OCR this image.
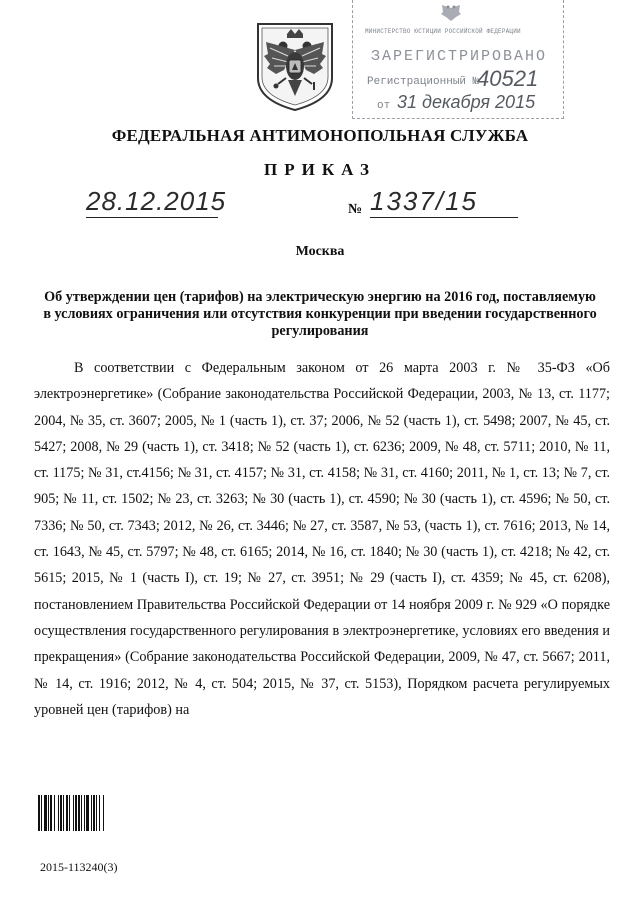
МИНИСТЕРСТВО ЮСТИЦИИ РОССИЙСКОЙ ФЕДЕРАЦИИ
ЗАРЕГИСТРИРОВАНО
Регистрационный №
40521
от 31 декабря 2015
ФЕДЕРАЛЬНАЯ АНТИМОНОПОЛЬНАЯ СЛУЖБА
ПРИКАЗ
28.12.2015	№ 1337/15
Москва
Об утверждении цен (тарифов) на электрическую энергию на 2016 год, поставляемую в условиях ограничения или отсутствия конкуренции при введении государственного регулирования
В соответствии с Федеральным законом от 26 марта 2003 г. № 35-ФЗ «Об электроэнергетике» (Собрание законодательства Российской Федерации, 2003, № 13, ст. 1177; 2004, № 35, ст. 3607; 2005, № 1 (часть 1), ст. 37; 2006, № 52 (часть 1), ст. 5498; 2007, № 45, ст. 5427; 2008, № 29 (часть 1), ст. 3418; № 52 (часть 1), ст. 6236; 2009, № 48, ст. 5711; 2010, № 11, ст. 1175; № 31, ст.4156; № 31, ст. 4157; № 31, ст. 4158; № 31, ст. 4160; 2011, № 1, ст. 13; № 7, ст. 905; № 11, ст. 1502; № 23, ст. 3263; № 30 (часть 1), ст. 4590; № 30 (часть 1), ст. 4596; № 50, ст. 7336; № 50, ст. 7343; 2012, № 26, ст. 3446; № 27, ст. 3587, № 53, (часть 1), ст. 7616; 2013, № 14, ст. 1643, № 45, ст. 5797; № 48, ст. 6165; 2014, № 16, ст. 1840; № 30 (часть 1), ст. 4218; № 42, ст. 5615; 2015, № 1 (часть I), ст. 19; № 27, ст. 3951; № 29 (часть I), ст. 4359; № 45, ст. 6208), постановлением Правительства Российской Федерации от 14 ноября 2009 г. № 929 «О порядке осуществления государственного регулирования в электроэнергетике, условиях его введения и прекращения» (Собрание законодательства Российской Федерации, 2009, № 47, ст. 5667; 2011, № 14, ст. 1916; 2012, № 4, ст. 504; 2015, № 37, ст. 5153), Порядком расчета регулируемых уровней цен (тарифов) на
2015-113240(3)
